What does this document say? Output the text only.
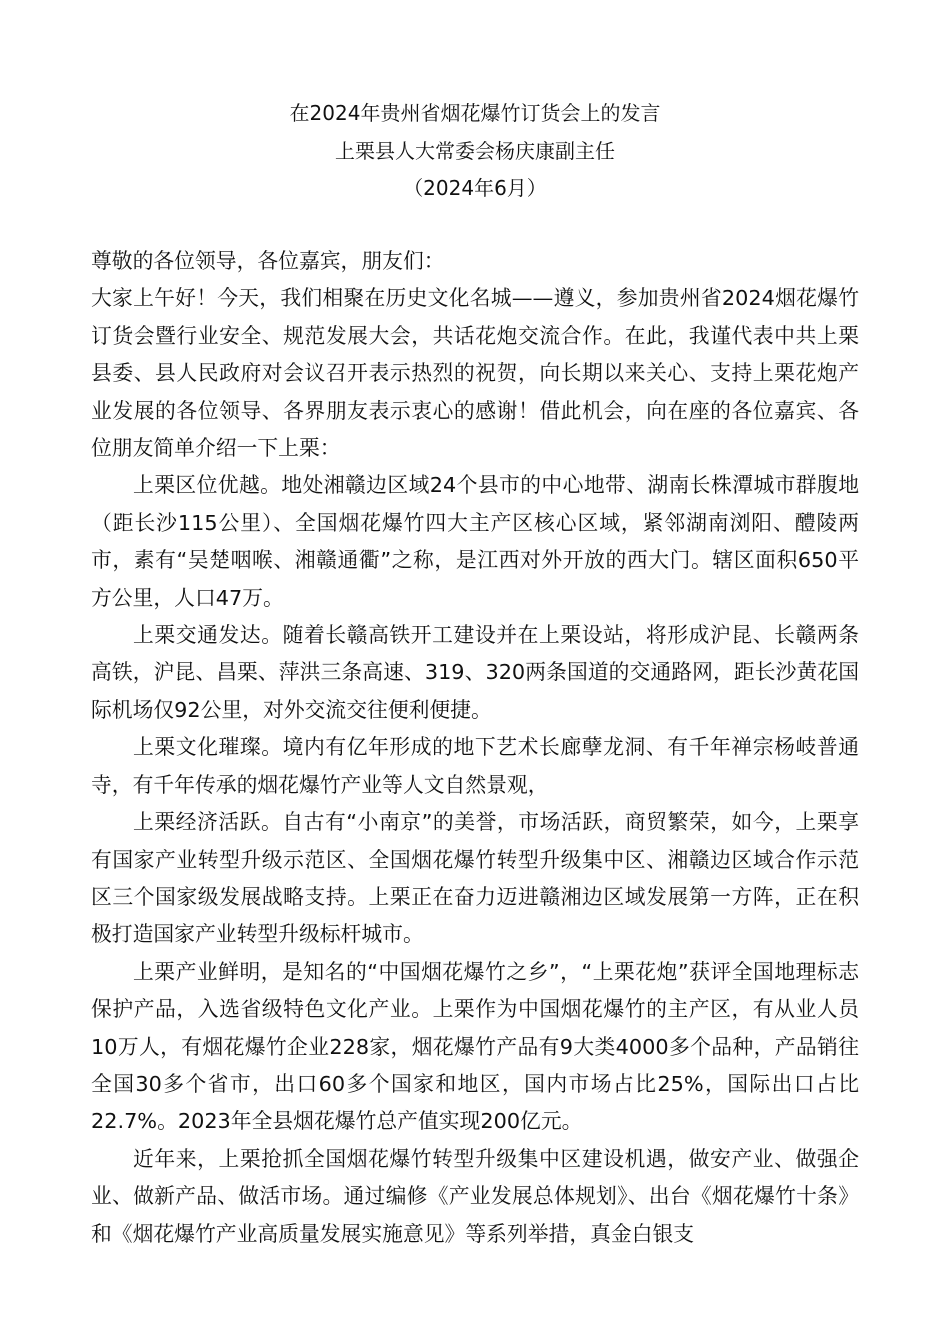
在2024年贵州省烟花爆竹订货会上的发言
上栗县人大常委会杨庆康副主任
（2024年6月）

尊敬的各位领导，各位嘉宾，朋友们：

大家上午好！今天，我们相聚在历史文化名城——遵义，参加贵州省2024烟花爆竹订货会暨行业安全、规范发展大会，共话花炮交流合作。在此，我谨代表中共上栗县委、县人民政府对会议召开表示热烈的祝贺，向长期以来关心、支持上栗花炮产业发展的各位领导、各界朋友表示衷心的感谢！借此机会，向在座的各位嘉宾、各位朋友简单介绍一下上栗：

上栗区位优越。地处湘赣边区域24个县市的中心地带、湖南长株潭城市群腹地（距长沙115公里）、全国烟花爆竹四大主产区核心区域，紧邻湖南浏阳、醴陵两市，素有“吴楚咽喉、湘赣通衢”之称，是江西对外开放的西大门。辖区面积650平方公里，人口47万。

上栗交通发达。随着长赣高铁开工建设并在上栗设站，将形成沪昆、长赣两条高铁，沪昆、昌栗、萍洪三条高速、319、320两条国道的交通路网，距长沙黄花国际机场仅92公里，对外交流交往便利便捷。

上栗文化璀璨。境内有亿年形成的地下艺术长廊孽龙洞、有千年禅宗杨岐普通寺，有千年传承的烟花爆竹产业等人文自然景观，

上栗经济活跃。自古有“小南京”的美誉，市场活跃，商贸繁荣，如今，上栗享有国家产业转型升级示范区、全国烟花爆竹转型升级集中区、湘赣边区域合作示范区三个国家级发展战略支持。上栗正在奋力迈进赣湘边区域发展第一方阵，正在积极打造国家产业转型升级标杆城市。

上栗产业鲜明，是知名的“中国烟花爆竹之乡”，“上栗花炮”获评全国地理标志保护产品，入选省级特色文化产业。上栗作为中国烟花爆竹的主产区，有从业人员10万人，有烟花爆竹企业228家，烟花爆竹产品有9大类4000多个品种，产品销往全国30多个省市，出口60多个国家和地区，国内市场占比25%，国际出口占比22.7%。2023年全县烟花爆竹总产值实现200亿元。

近年来，上栗抢抓全国烟花爆竹转型升级集中区建设机遇，做安产业、做强企业、做新产品、做活市场。通过编修《产业发展总体规划》、出台《烟花爆竹十条》和《烟花爆竹产业高质量发展实施意见》等系列举措，真金白银支
